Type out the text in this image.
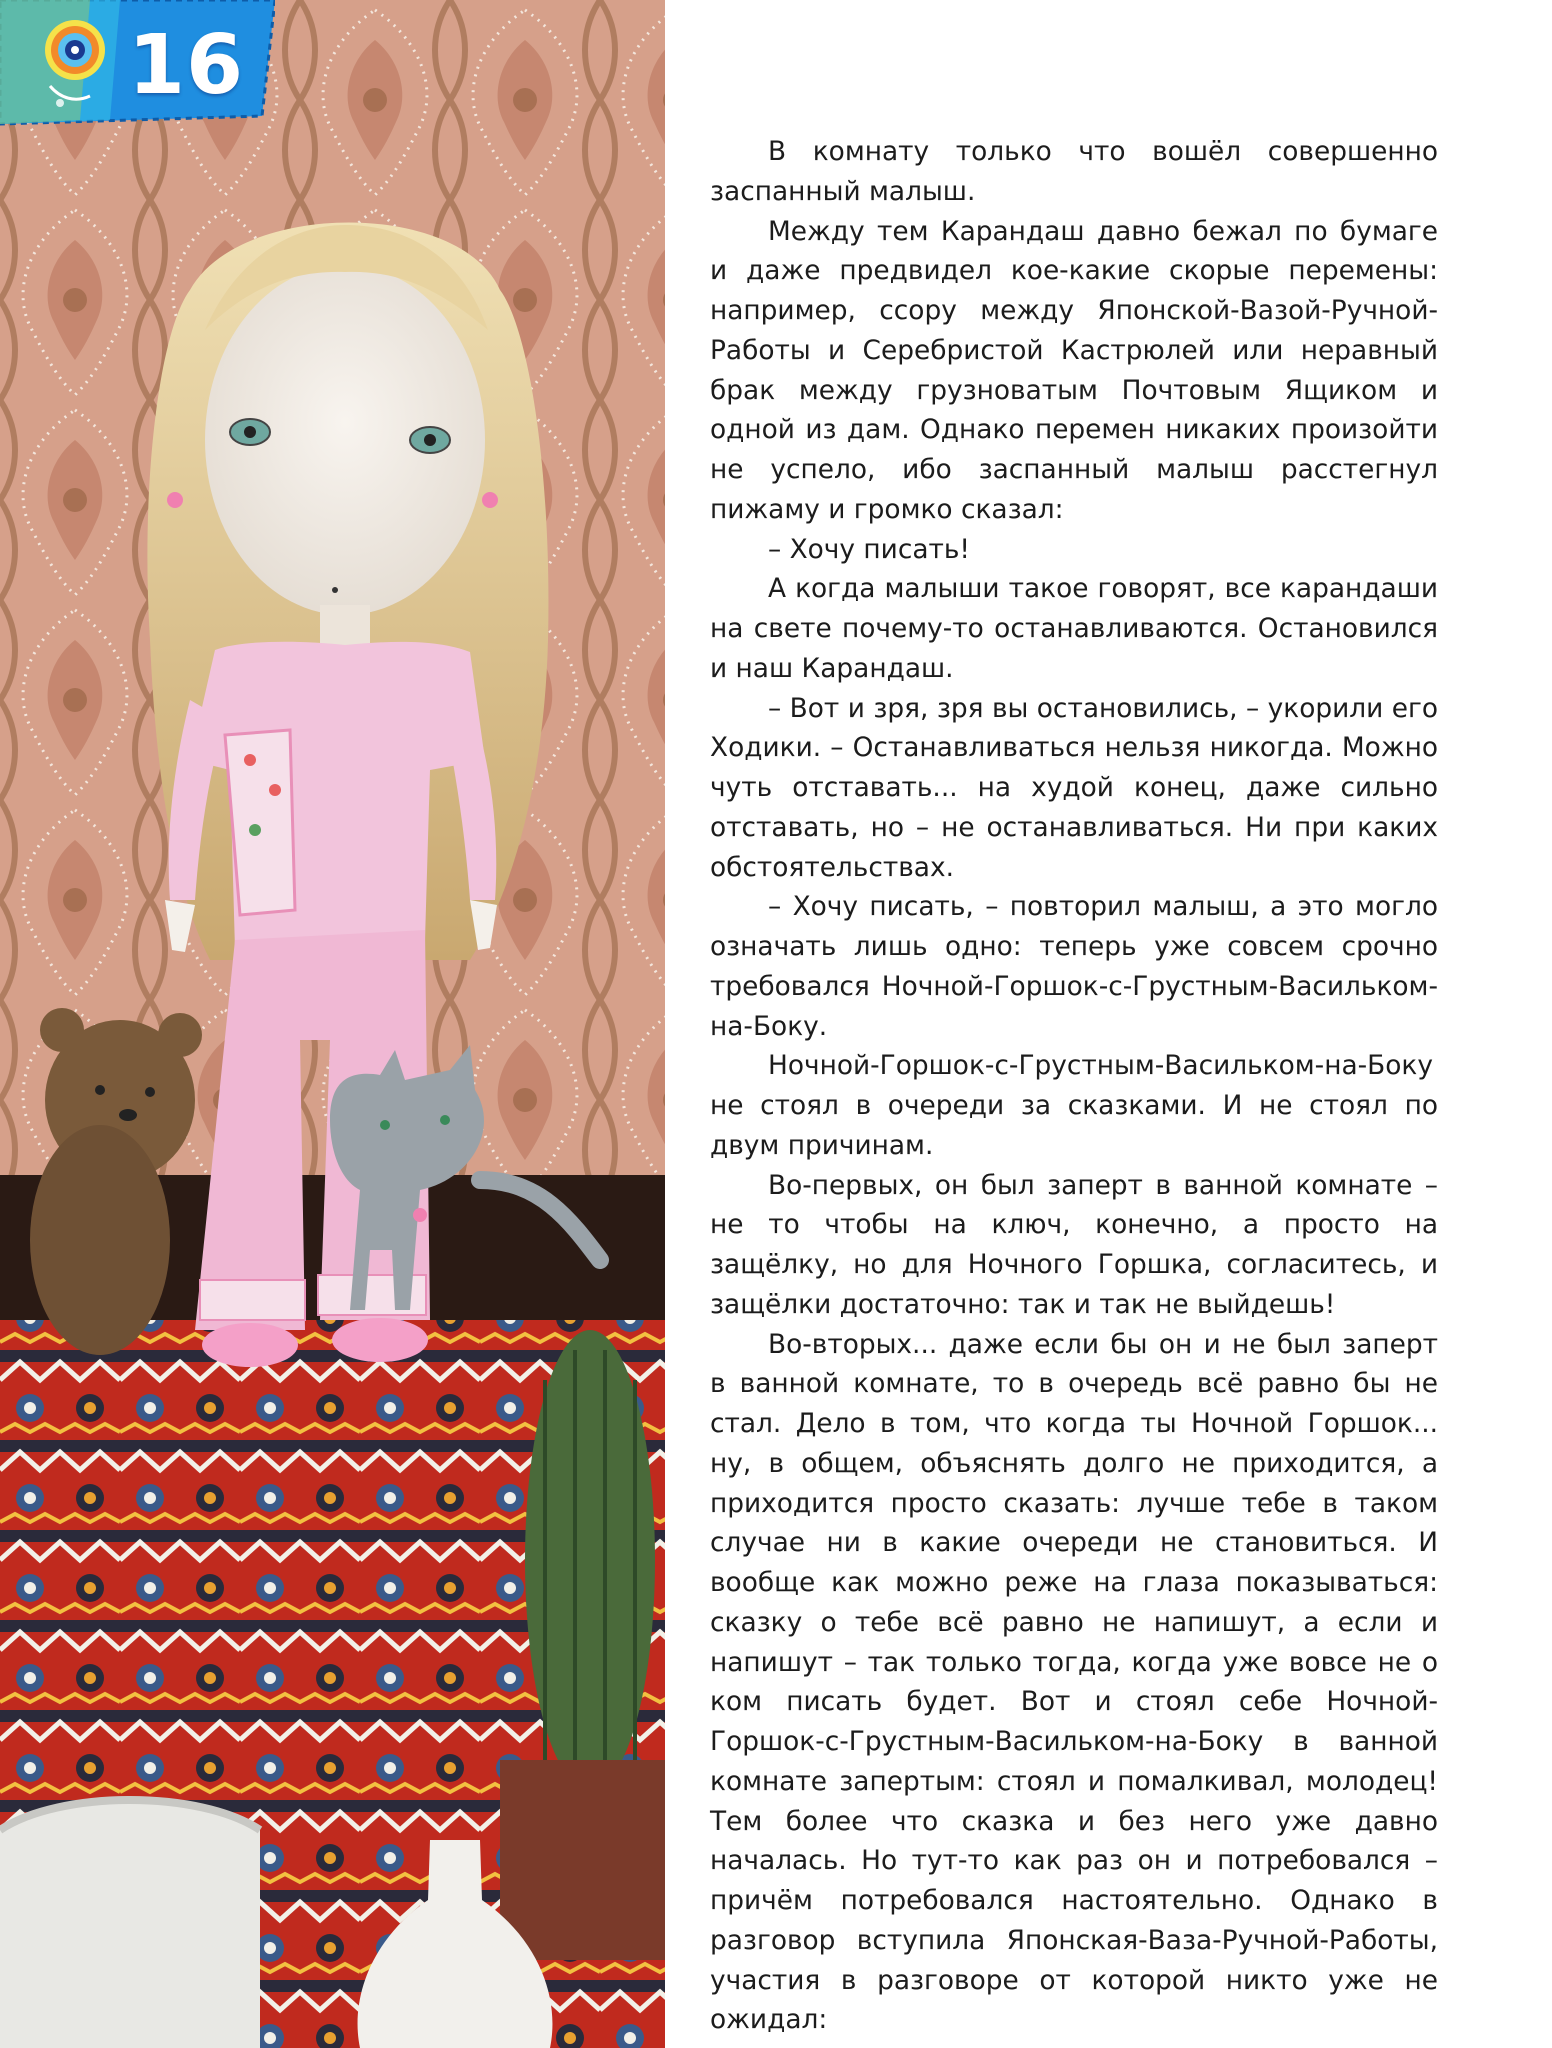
16

В комнату только что вошёл совершенно заспанный малыш.

Между тем Карандаш давно бежал по бумаге и даже предвидел кое-какие скорые перемены: например, ссору между Японской-Вазой-Ручной-Работы и Серебристой Кастрюлей или неравный брак между грузноватым Почтовым Ящиком и одной из дам. Однако перемен никаких произойти не успело, ибо заспанный малыш расстегнул пижаму и громко сказал:

– Хочу писать!

А когда малыши такое говорят, все карандаши на свете почему-то останавливаются. Остановился и наш Карандаш.

– Вот и зря, зря вы остановились, – укорили его Ходики. – Останавливаться нельзя никогда. Можно чуть отставать... на худой конец, даже сильно отставать, но – не останавливаться. Ни при каких обстоятельствах.

– Хочу писать, – повторил малыш, а это могло означать лишь одно: теперь уже совсем срочно требовался Ночной-Горшок-с-Грустным-Васильком-на-Боку.

Ночной-Горшок-с-Грустным-Васильком-на-Боку не стоял в очереди за сказками. И не стоял по двум причинам.

Во-первых, он был заперт в ванной комнате – не то чтобы на ключ, конечно, а просто на защёлку, но для Ночного Горшка, согласитесь, и защёлки достаточно: так и так не выйдешь!

Во-вторых... даже если бы он и не был заперт в ванной комнате, то в очередь всё равно бы не стал. Дело в том, что когда ты Ночной Горшок... ну, в общем, объяснять долго не приходится, а приходится просто сказать: лучше тебе в таком случае ни в какие очереди не становиться. И вообще как можно реже на глаза показываться: сказку о тебе всё равно не напишут, а если и напишут – так только тогда, когда уже вовсе не о ком писать будет. Вот и стоял себе Ночной-Горшок-с-Грустным-Васильком-на-Боку в ванной комнате запертым: стоял и помалкивал, молодец! Тем более что сказка и без него уже давно началась. Но тут-то как раз он и потребовался – причём потребовался настоятельно. Однако в разговор вступила Японская-Ваза-Ручной-Работы, участия в разговоре от которой никто уже не ожидал:
